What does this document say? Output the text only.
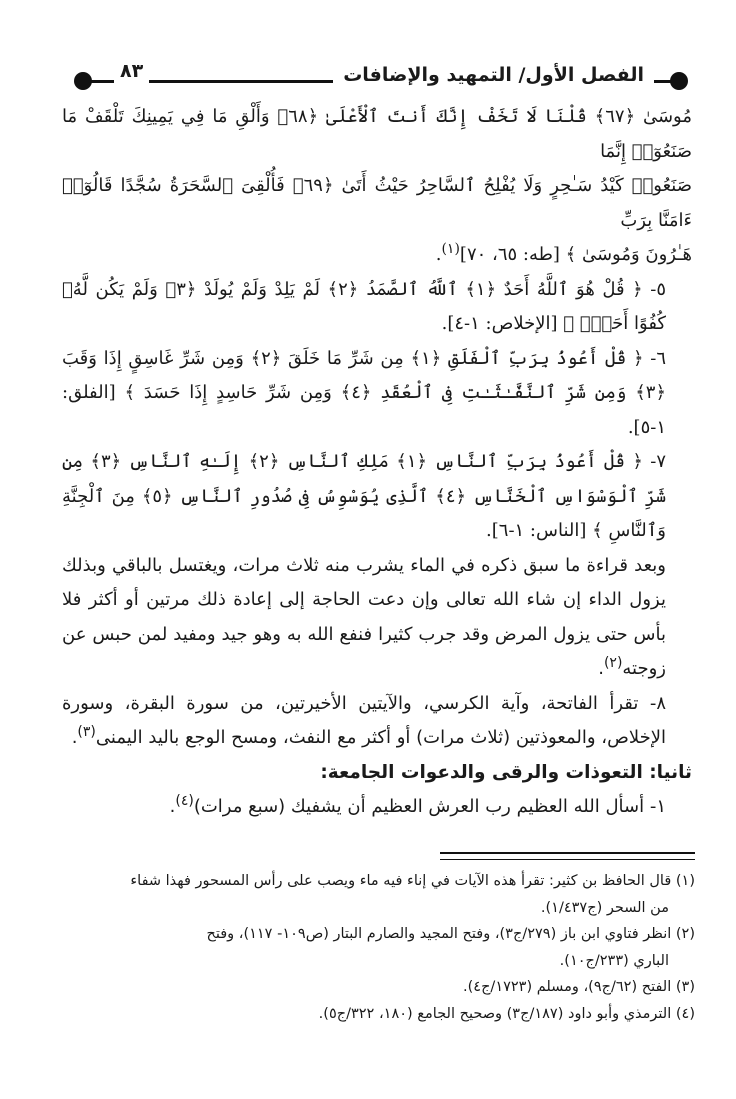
الفصل الأول/ التمهيد والإضافات
٨٣

مُوسَىٰ ﴿٦٧﴾ قُلْنَا لَا تَخَفْ إِنَّكَ أَنتَ ٱلْأَعْلَىٰ ﴿٦٨﴾ وَأَلْقِ مَا فِي يَمِينِكَ تَلْقَفْ مَا صَنَعُوٓا۟ إِنَّمَا

صَنَعُوا۟ كَيْدُ سَـٰحِرٍ وَلَا يُفْلِحُ ٱلسَّاحِرُ حَيْثُ أَتَىٰ ﴿٦٩﴾ فَأُلْقِىَ ٱلسَّحَرَةُ سُجَّدًا قَالُوٓا۟ ءَامَنَّا بِرَبِّ

هَـٰرُونَ وَمُوسَىٰ ﴾ [طه: ٦٥، ٧٠]$^{(١)}$.

٥- ﴿ قُلْ هُوَ ٱللَّهُ أَحَدٌ ﴿١﴾ ٱللَّهُ ٱلصَّمَدُ ﴿٢﴾ لَمْ يَلِدْ وَلَمْ يُولَدْ ﴿٣﴾ وَلَمْ يَكُن لَّهُۥ كُفُوًا أَحَدٌۢ ﴾ [الإخلاص: ١-٤].

٦- ﴿ قُلْ أَعُوذُ بِرَبِّ ٱلْفَلَقِ ﴿١﴾ مِن شَرِّ مَا خَلَقَ ﴿٢﴾ وَمِن شَرِّ غَاسِقٍ إِذَا وَقَبَ ﴿٣﴾ وَمِن شَرِّ ٱلنَّفَّـٰثَـٰتِ فِى ٱلْعُقَدِ ﴿٤﴾ وَمِن شَرِّ حَاسِدٍ إِذَا حَسَدَ ﴾ [الفلق: ١-٥].

٧- ﴿ قُلْ أَعُوذُ بِرَبِّ ٱلنَّاسِ ﴿١﴾ مَلِكِ ٱلنَّاسِ ﴿٢﴾ إِلَـٰهِ ٱلنَّاسِ ﴿٣﴾ مِن شَرِّ ٱلْوَسْوَاسِ ٱلْخَنَّاسِ ﴿٤﴾ ٱلَّذِى يُوَسْوِسُ فِى صُدُورِ ٱلنَّاسِ ﴿٥﴾ مِنَ ٱلْجِنَّةِ وَٱلنَّاسِ ﴾ [الناس: ١-٦].

وبعد قراءة ما سبق ذكره في الماء يشرب منه ثلاث مرات، ويغتسل بالباقي وبذلك يزول الداء إن شاء الله تعالى وإن دعت الحاجة إلى إعادة ذلك مرتين أو أكثر فلا بأس حتى يزول المرض وقد جرب كثيرا فنفع الله به وهو جيد ومفيد لمن حبس عن زوجته$^{(٢)}$.

٨- تقرأ الفاتحة، وآية الكرسي، والآيتين الأخيرتين، من سورة البقرة، وسورة الإخلاص، والمعوذتين (ثلاث مرات) أو أكثر مع النفث، ومسح الوجع باليد اليمنى$^{(٣)}$.

ثانيا: التعوذات والرقى والدعوات الجامعة:

١- أسأل الله العظيم رب العرش العظيم أن يشفيك (سبع مرات)$^{(٤)}$.

(١) قال الحافظ بن كثير: تقرأ هذه الآيات في إناء فيه ماء ويصب على رأس المسحور فهذا شفاء

من السحر (ج١/٤٣٧).

(٢) انظر فتاوي ابن باز (٢٧٩/ج٣)، وفتح المجيد والصارم البتار (ص١٠٩- ١١٧)، وفتح

الباري (٢٣٣/ج١٠).

(٣) الفتح (٦٢/ج٩)، ومسلم (١٧٢٣/ج٤).

(٤) الترمذي وأبو داود (١٨٧/ج٣) وصحيح الجامع (١٨٠، ٣٢٢/ج٥).
